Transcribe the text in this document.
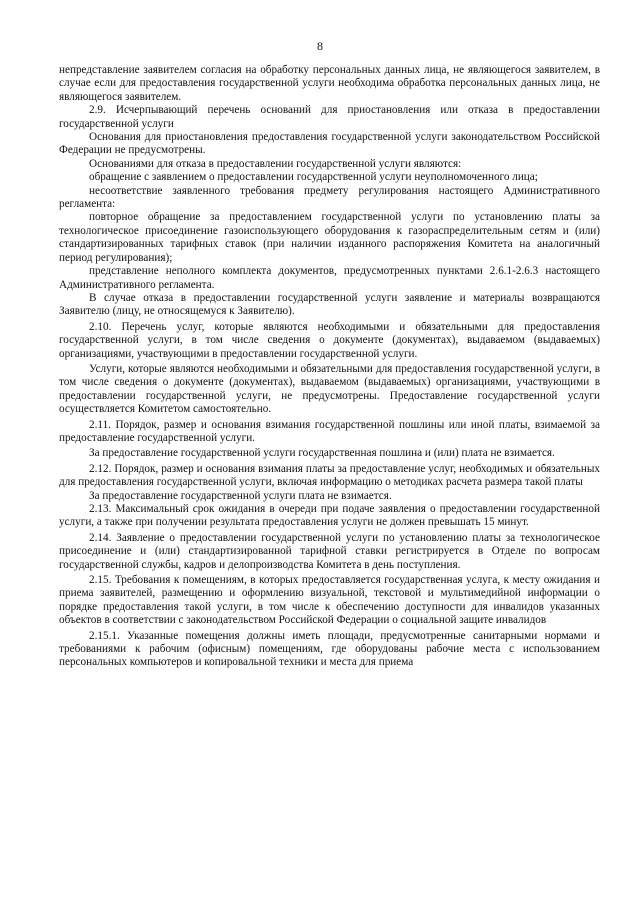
8

непредставление заявителем согласия на обработку персональных данных лица, не являющегося заявителем, в случае если для предоставления государственной услуги необходима обработка персональных данных лица, не являющегося заявителем.

2.9. Исчерпывающий перечень оснований для приостановления или отказа в предоставлении государственной услуги

Основания для приостановления предоставления государственной услуги законодательством Российской Федерации не предусмотрены.

Основаниями для отказа в предоставлении государственной услуги являются:

обращение с заявлением о предоставлении государственной услуги неуполномоченного лица;

несоответствие заявленного требования предмету регулирования настоящего Административного регламента:

повторное обращение за предоставлением государственной услуги по установлению платы за технологическое присоединение газоиспользующего оборудования к газораспределительным сетям и (или) стандартизированных тарифных ставок (при наличии изданного распоряжения Комитета на аналогичный период регулирования);

представление неполного комплекта документов, предусмотренных пунктами 2.6.1-2.6.3 настоящего Административного регламента.

В случае отказа в предоставлении государственной услуги заявление и материалы возвращаются Заявителю (лицу, не относящемуся к Заявителю).

2.10. Перечень услуг, которые являются необходимыми и обязательными для предоставления государственной услуги, в том числе сведения о документе (документах), выдаваемом (выдаваемых) организациями, участвующими в предоставлении государственной услуги.

Услуги, которые являются необходимыми и обязательными для предоставления государственной услуги, в том числе сведения о документе (документах), выдаваемом (выдаваемых) организациями, участвующими в предоставлении государственной услуги, не предусмотрены. Предоставление государственной услуги осуществляется Комитетом самостоятельно.

2.11. Порядок, размер и основания взимания государственной пошлины или иной платы, взимаемой за предоставление государственной услуги.

За предоставление государственной услуги государственная пошлина и (или) плата не взимается.

2.12. Порядок, размер и основания взимания платы за предоставление услуг, необходимых и обязательных для предоставления государственной услуги, включая информацию о методиках расчета размера такой платы

За предоставление государственной услуги плата не взимается.

2.13. Максимальный срок ожидания в очереди при подаче заявления о предоставлении государственной услуги, а также при получении результата предоставления услуги не должен превышать 15 минут.

2.14. Заявление о предоставлении государственной услуги по установлению платы за технологическое присоединение и (или) стандартизированной тарифной ставки регистрируется в Отделе по вопросам государственной службы, кадров и делопроизводства Комитета в день поступления.

2.15. Требования к помещениям, в которых предоставляется государственная услуга, к месту ожидания и приема заявителей, размещению и оформлению визуальной, текстовой и мультимедийной информации о порядке предоставления такой услуги, в том числе к обеспечению доступности для инвалидов указанных объектов в соответствии с законодательством Российской Федерации о социальной защите инвалидов

2.15.1. Указанные помещения должны иметь площади, предусмотренные санитарными нормами и требованиями к рабочим (офисным) помещениям, где оборудованы рабочие места с использованием персональных компьютеров и копировальной техники и места для приема
